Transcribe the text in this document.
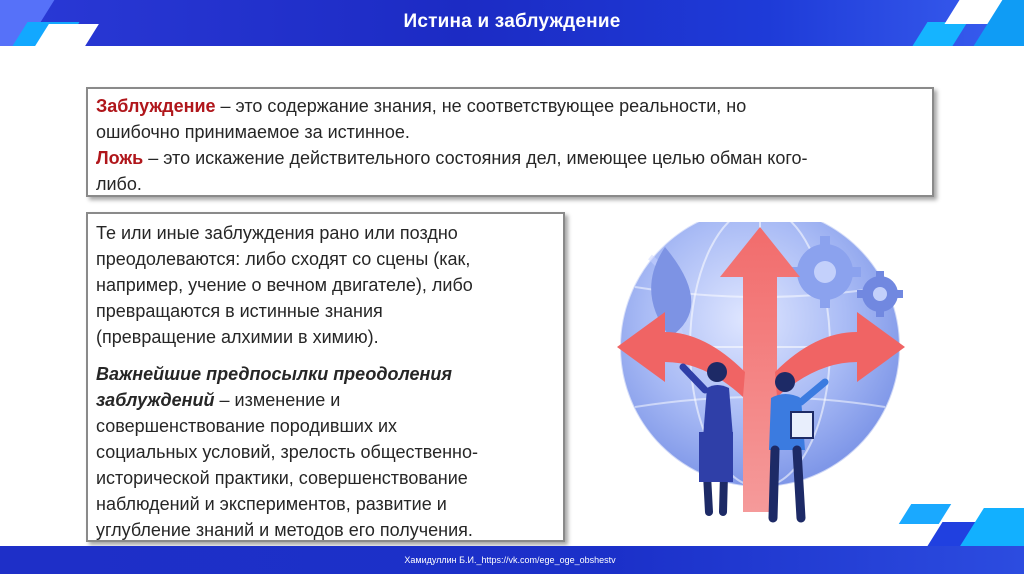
Истина и заблуждение

Заблуждение – это содержание знания, не соответствующее реальности, но

ошибочно принимаемое за истинное.

Ложь – это искажение действительного состояния дел, имеющее целью обман кого-

либо.

Те или иные заблуждения рано или поздно

преодолеваются: либо сходят со сцены (как,

например, учение о вечном двигателе), либо

превращаются в истинные знания

(превращение алхимии в химию).

Важнейшие предпосылки преодоления

заблуждений – изменение и

совершенствование породивших их

социальных условий, зрелость общественно-

исторической практики, совершенствование

наблюдений и экспериментов, развитие и

углубление знаний и методов его получения.

Хамидуллин Б.И._https://vk.com/ege_oge_obshestv
